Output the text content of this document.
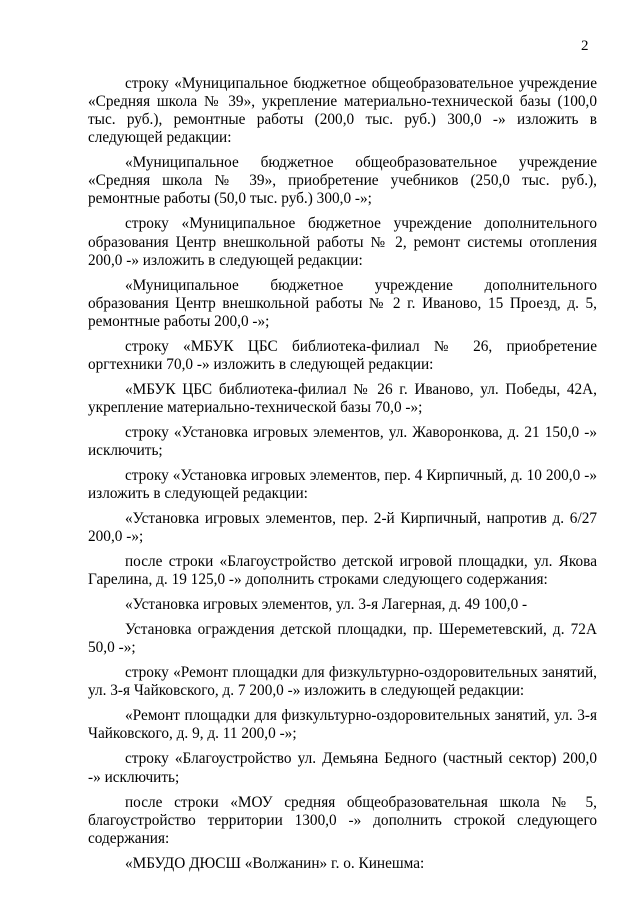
2

строку «Муниципальное бюджетное общеобразовательное учреждение «Средняя школа № 39», укрепление материально-технической базы (100,0 тыс. руб.), ремонтные работы (200,0 тыс. руб.) 300,0 -» изложить в следующей редакции:

«Муниципальное бюджетное общеобразовательное учреждение «Средняя школа № 39», приобретение учебников (250,0 тыс. руб.), ремонтные работы (50,0 тыс. руб.) 300,0 -»;

строку «Муниципальное бюджетное учреждение дополнительного образования Центр внешкольной работы № 2, ремонт системы отопления 200,0 -» изложить в следующей редакции:

«Муниципальное бюджетное учреждение дополнительного образования Центр внешкольной работы № 2 г. Иваново, 15 Проезд, д. 5, ремонтные работы 200,0 -»;

строку «МБУК ЦБС библиотека-филиал № 26, приобретение оргтехники 70,0 -» изложить в следующей редакции:

«МБУК ЦБС библиотека-филиал № 26 г. Иваново, ул. Победы, 42А, укрепление материально-технической базы 70,0 -»;

строку «Установка игровых элементов, ул. Жаворонкова, д. 21 150,0 -» исключить;

строку «Установка игровых элементов, пер. 4 Кирпичный, д. 10 200,0 -» изложить в следующей редакции:

«Установка игровых элементов, пер. 2-й Кирпичный, напротив д. 6/27 200,0 -»;

после строки «Благоустройство детской игровой площадки, ул. Якова Гарелина, д. 19 125,0 -» дополнить строками следующего содержания:

«Установка игровых элементов, ул. 3-я Лагерная, д. 49 100,0 -

Установка ограждения детской площадки, пр. Шереметевский, д. 72А 50,0 -»;

строку «Ремонт площадки для физкультурно-оздоровительных занятий, ул. 3-я Чайковского, д. 7 200,0 -» изложить в следующей редакции:

«Ремонт площадки для физкультурно-оздоровительных занятий, ул. 3-я Чайковского, д. 9, д. 11 200,0 -»;

строку «Благоустройство ул. Демьяна Бедного (частный сектор) 200,0 -» исключить;

после строки «МОУ средняя общеобразовательная школа № 5, благоустройство территории 1300,0 -» дополнить строкой следующего содержания:

«МБУДО ДЮСШ «Волжанин» г. о. Кинешма:
